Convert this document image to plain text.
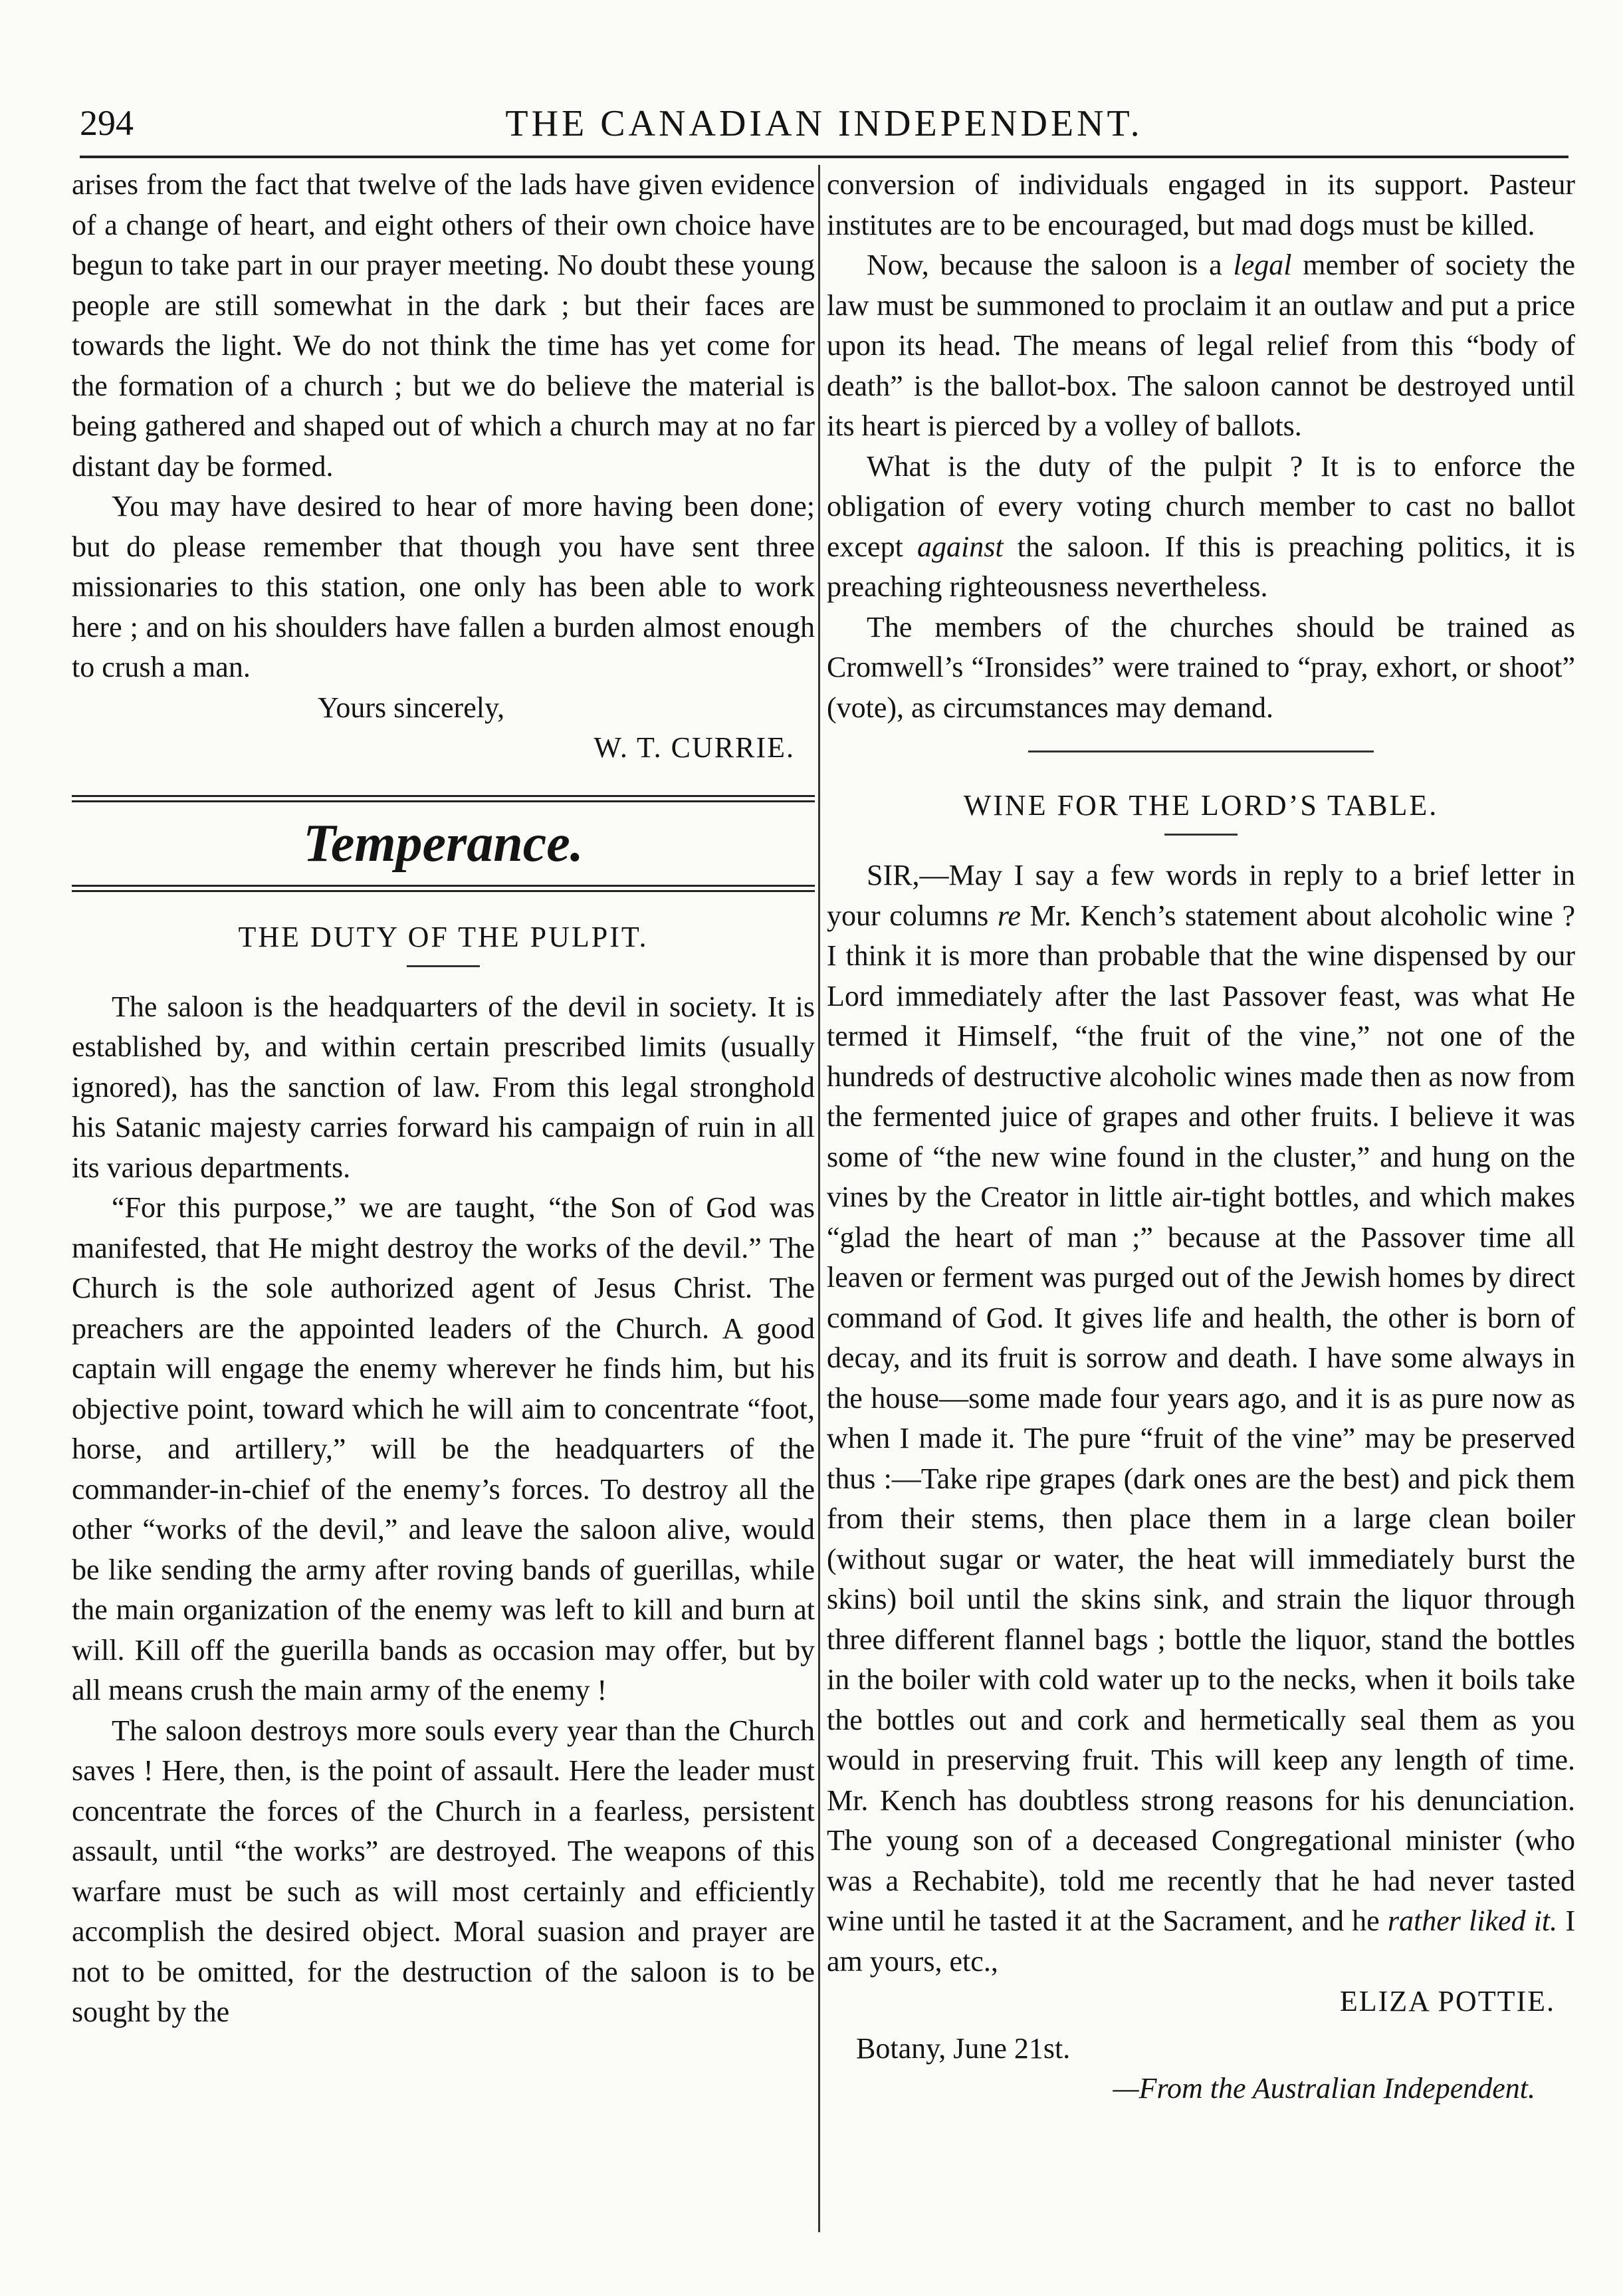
294	THE CANADIAN INDEPENDENT.

arises from the fact that twelve of the lads have given evidence of a change of heart, and eight others of their own choice have begun to take part in our prayer meeting. No doubt these young people are still somewhat in the dark ; but their faces are towards the light. We do not think the time has yet come for the formation of a church ; but we do believe the material is being gathered and shaped out of which a church may at no far distant day be formed.

You may have desired to hear of more having been done; but do please remember that though you have sent three missionaries to this station, one only has been able to work here ; and on his shoulders have fallen a burden almost enough to crush a man.

Yours sincerely,

W. T. CURRIE.

Temperance.

THE DUTY OF THE PULPIT.

The saloon is the headquarters of the devil in society. It is established by, and within certain prescribed limits (usually ignored), has the sanction of law. From this legal stronghold his Satanic majesty carries forward his campaign of ruin in all its various departments.

“For this purpose,” we are taught, “the Son of God was manifested, that He might destroy the works of the devil.” The Church is the sole authorized agent of Jesus Christ. The preachers are the appointed leaders of the Church. A good captain will engage the enemy wherever he finds him, but his objective point, toward which he will aim to concentrate “foot, horse, and artillery,” will be the headquarters of the commander-in-chief of the enemy’s forces. To destroy all the other “works of the devil,” and leave the saloon alive, would be like sending the army after roving bands of guerillas, while the main organization of the enemy was left to kill and burn at will. Kill off the guerilla bands as occasion may offer, but by all means crush the main army of the enemy !

The saloon destroys more souls every year than the Church saves ! Here, then, is the point of assault. Here the leader must concentrate the forces of the Church in a fearless, persistent assault, until “the works” are destroyed. The weapons of this warfare must be such as will most certainly and efficiently accomplish the desired object. Moral suasion and prayer are not to be omitted, for the destruction of the saloon is to be sought by the

conversion of individuals engaged in its support. Pasteur institutes are to be encouraged, but mad dogs must be killed.

Now, because the saloon is a legal member of society the law must be summoned to proclaim it an outlaw and put a price upon its head. The means of legal relief from this “body of death” is the ballot-box. The saloon cannot be destroyed until its heart is pierced by a volley of ballots.

What is the duty of the pulpit ? It is to enforce the obligation of every voting church member to cast no ballot except against the saloon. If this is preaching politics, it is preaching righteousness nevertheless.

The members of the churches should be trained as Cromwell’s “Ironsides” were trained to “pray, exhort, or shoot” (vote), as circumstances may demand.

WINE FOR THE LORD’S TABLE.

SIR,—May I say a few words in reply to a brief letter in your columns re Mr. Kench’s statement about alcoholic wine ? I think it is more than probable that the wine dispensed by our Lord immediately after the last Passover feast, was what He termed it Himself, “the fruit of the vine,” not one of the hundreds of destructive alcoholic wines made then as now from the fermented juice of grapes and other fruits. I believe it was some of “the new wine found in the cluster,” and hung on the vines by the Creator in little air-tight bottles, and which makes “glad the heart of man ;” because at the Passover time all leaven or ferment was purged out of the Jewish homes by direct command of God. It gives life and health, the other is born of decay, and its fruit is sorrow and death. I have some always in the house—some made four years ago, and it is as pure now as when I made it. The pure “fruit of the vine” may be preserved thus :—Take ripe grapes (dark ones are the best) and pick them from their stems, then place them in a large clean boiler (without sugar or water, the heat will immediately burst the skins) boil until the skins sink, and strain the liquor through three different flannel bags ; bottle the liquor, stand the bottles in the boiler with cold water up to the necks, when it boils take the bottles out and cork and hermetically seal them as you would in preserving fruit. This will keep any length of time. Mr. Kench has doubtless strong reasons for his denunciation. The young son of a deceased Congregational minister (who was a Rechabite), told me recently that he had never tasted wine until he tasted it at the Sacrament, and he rather liked it. I am yours, etc.,

ELIZA POTTIE.

Botany, June 21st.

—From the Australian Independent.
